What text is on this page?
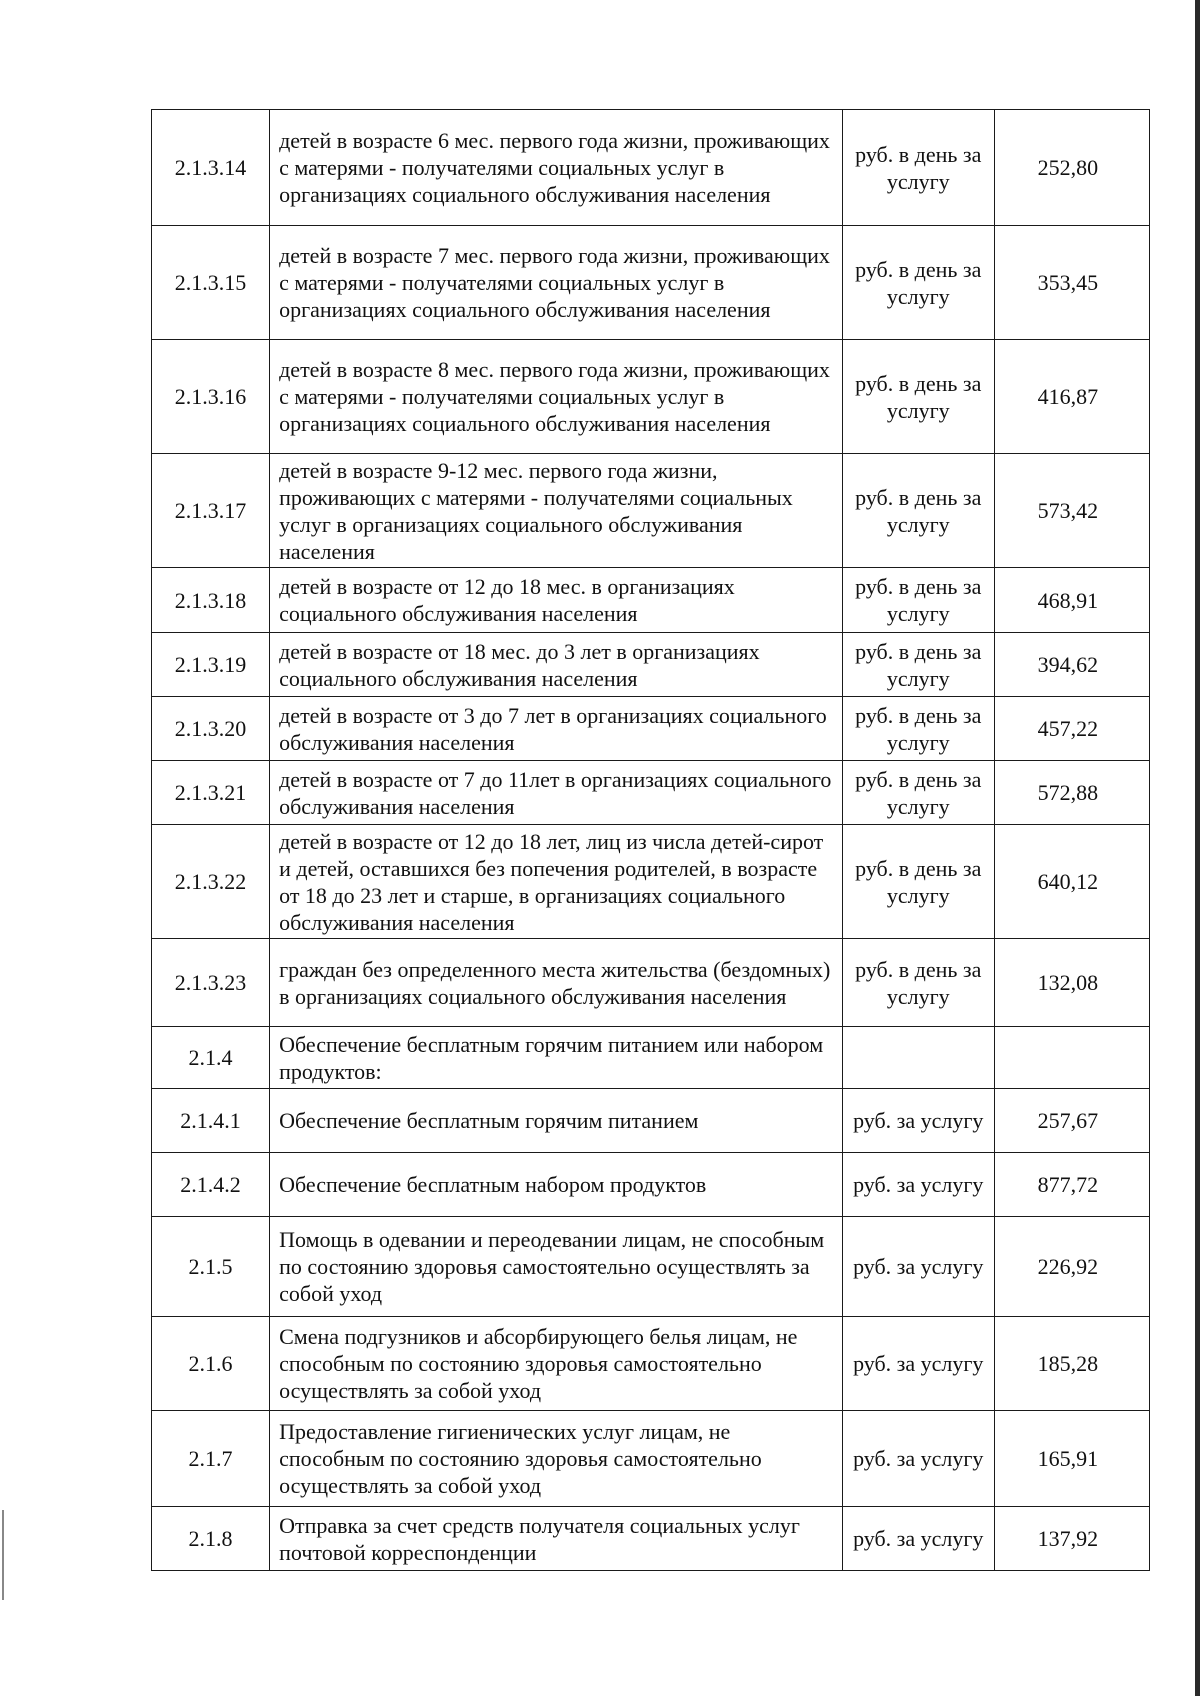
2.1.3.14	детей в возрасте 6 мес. первого года жизни, проживающих с матерями - получателями социальных услуг в организациях социального обслуживания населения	руб. в день за услугу	252,80
2.1.3.15	детей в возрасте 7 мес. первого года жизни, проживающих с матерями - получателями социальных услуг в организациях социального обслуживания населения	руб. в день за услугу	353,45
2.1.3.16	детей в возрасте 8 мес. первого года жизни, проживающих с матерями - получателями социальных услуг в организациях социального обслуживания населения	руб. в день за услугу	416,87
2.1.3.17	детей в возрасте 9-12 мес. первого года жизни, проживающих с матерями - получателями социальных услуг в организациях социального обслуживания населения	руб. в день за услугу	573,42
2.1.3.18	детей в возрасте от 12 до 18 мес. в организациях социального обслуживания населения	руб. в день за услугу	468,91
2.1.3.19	детей в возрасте от 18 мес. до 3 лет в организациях социального обслуживания населения	руб. в день за услугу	394,62
2.1.3.20	детей в возрасте от 3 до 7 лет в организациях социального обслуживания населения	руб. в день за услугу	457,22
2.1.3.21	детей в возрасте от 7 до 11лет в организациях социального обслуживания населения	руб. в день за услугу	572,88
2.1.3.22	детей в возрасте от 12 до 18 лет, лиц из числа детей-сирот и детей, оставшихся без попечения родителей, в возрасте от 18 до 23 лет и старше, в организациях социального обслуживания населения	руб. в день за услугу	640,12
2.1.3.23	граждан без определенного места жительства (бездомных) в организациях социального обслуживания населения	руб. в день за услугу	132,08
2.1.4	Обеспечение бесплатным горячим питанием или набором продуктов:		
2.1.4.1	Обеспечение бесплатным горячим питанием	руб. за услугу	257,67
2.1.4.2	Обеспечение бесплатным набором продуктов	руб. за услугу	877,72
2.1.5	Помощь в одевании и переодевании лицам, не способным по состоянию здоровья самостоятельно осуществлять за собой уход	руб. за услугу	226,92
2.1.6	Смена подгузников и абсорбирующего белья лицам, не способным по состоянию здоровья самостоятельно осуществлять за собой уход	руб. за услугу	185,28
2.1.7	Предоставление гигиенических услуг лицам, не способным по состоянию здоровья самостоятельно осуществлять за собой уход	руб. за услугу	165,91
2.1.8	Отправка за счет средств получателя социальных услуг почтовой корреспонденции	руб. за услугу	137,92
